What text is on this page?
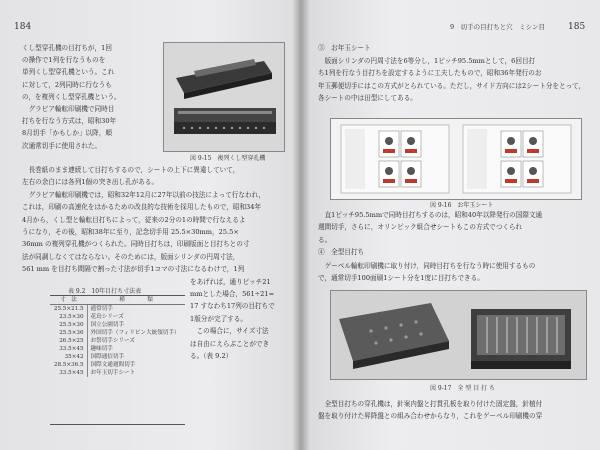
184
くし型穿孔機の目打ちが，1回
の操作で1列を行なうものを
単列くし型穿孔機という。これ
に対して，2列同時に行なうも
の，を複列くし型穿孔機という。
　グラビア輪転印刷機で同時目
打ちを行なう方式は，昭和30年
8月切手「かもしか」以降，順
次通常切手に使用された。
図 9-15　複列くし型穿孔機
　長巻紙のまま連続して目打ちするので，シートの上下に異違していて，
左右の余白には各列1個の突き出し孔がある。
　グラビア輪転印刷機では，昭和32年12月に27年以前の技法によって行なわれ，
これは，印刷の高速化をはかるための改良的な技術を採用したもので，昭和34年
4月から，くし型と輪転目打ちによって，従来の2分の1の時間で行なえるよ
うになり，その後，昭和38年に至り，記念切手用 25.5×30mm，25.5×
36mm の複列穿孔機がつくられた。同時目打ちは，印刷版面と目打ちとの寸
法が同調しなくてはならない。そのためには，版面シリンダの円周寸法，
561 mm を目打ち間隔で割った寸法が切手1コマの寸法になるわけで，1列
をあげれば，通りピッチ21
mmとした場合，561÷21=
17 すなわち17列の目打ちで
1版分が完了する。
　この場合に，サイズ寸法
は自由にえらぶことができ
る。（表 9.2）
表 9.2　10年目打ち寸法表
寸　法	種　　　　類
25.5×21.5	通常切手
23.5×30	花鳥シリーズ
25.5×30	国立公園切手
25.5×36	外国切手（フィリピン大統領切手）
26.5×25	お祭切手シリーズ
33.5×45	趣味切手
35×42	国際通信切手
28.5×36.5	国際文通週間切手
33.5×45	お年玉切手シート
9　切手の目打ちと穴　ミシン目	185
③　お年玉シート
　版面シリンダの円周寸法を6等分し，1ピッチ95.5mmとして，6回目打
ち1列を行なう目打ちを設定するように工夫したもので，昭和36年発行のお
年玉郵便切手にはこの方式がとられている。ただし，サイド方向には2シート分をとって，
各シートの中は田型にしてある。
図 9-16　お年玉シート
　直1ピッチ95.5mmで同時目打ちするのは，昭和40年以降発行の国際文通
週間切手，さらに，オリンピック組合せシートもこの方式でつくられ
る。
④　全型目打ち
　ゲーベル輪転印刷機に取り付け，同時目打ちを行なう時に使用するもの
で，通常切手100面刷1シート分を1度に目打ちできる。
図 9-17　全 型 目 打 ち
　全型目打ちの穿孔機は，針案内盤と打貫孔板を取り付けた固定盤，針植付
盤を取り付けた昇降盤との組み合わせからなり，これをゲーベル印刷機の穿
